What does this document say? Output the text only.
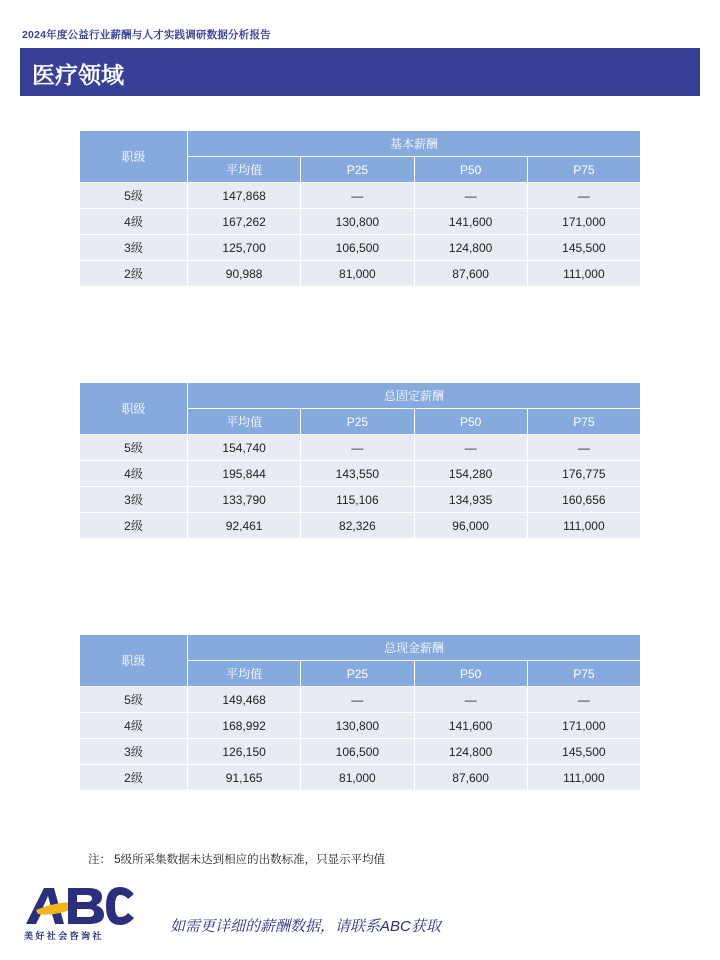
2024年度公益行业薪酬与人才实践调研数据分析报告
医疗领域
职级	基本薪酬			
	平均值	P25	P50	P75
5级	147,868	—	—	—
4级	167,262	130,800	141,600	171,000
3级	125,700	106,500	124,800	145,500
2级	90,988	81,000	87,600	111,000
职级	总固定薪酬			
	平均值	P25	P50	P75
5级	154,740	—	—	—
4级	195,844	143,550	154,280	176,775
3级	133,790	115,106	134,935	160,656
2级	92,461	82,326	96,000	111,000
职级	总现金薪酬			
	平均值	P25	P50	P75
5级	149,468	—	—	—
4级	168,992	130,800	141,600	171,000
3级	126,150	106,500	124,800	145,500
2级	91,165	81,000	87,600	111,000
注： 5级所采集数据未达到相应的出数标准，只显示平均值
ABC
美好社会咨询社
如需更详细的薪酬数据，请联系ABC获取
